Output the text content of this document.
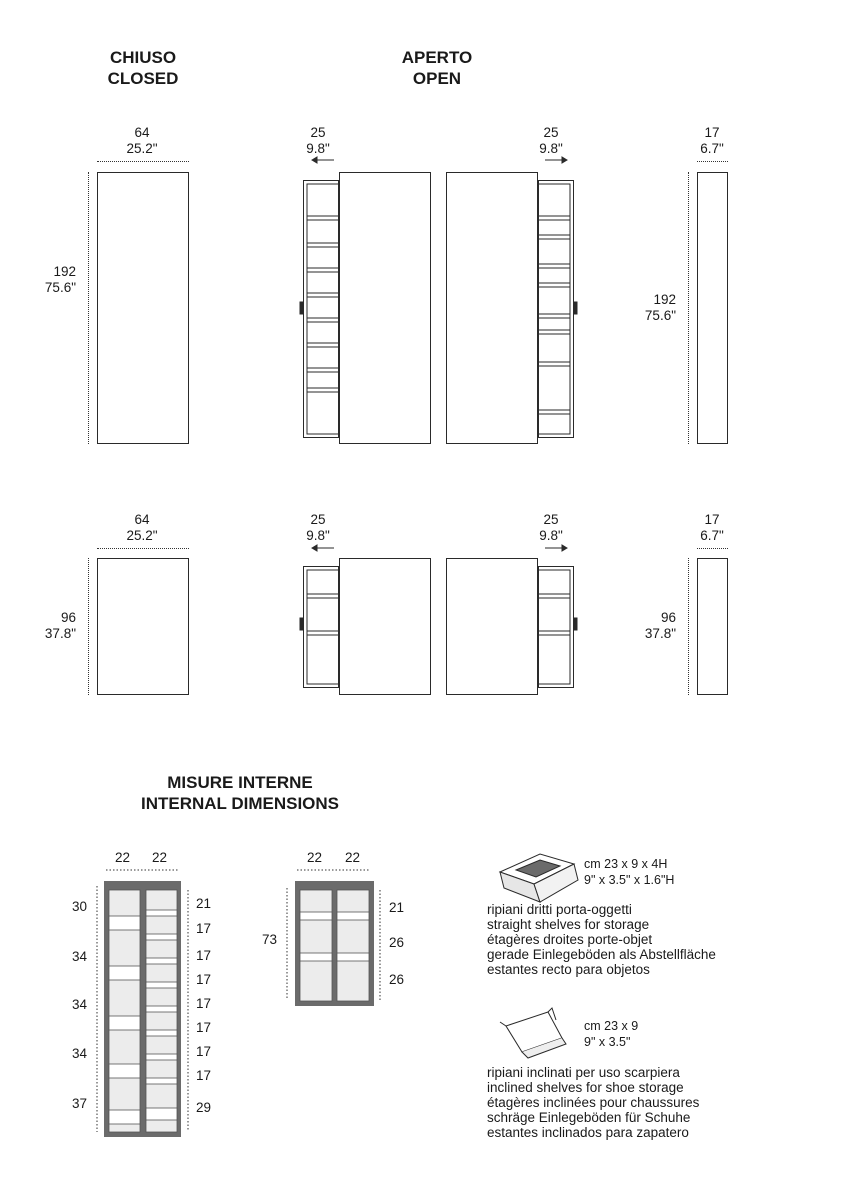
CHIUSO
CLOSED
APERTO
OPEN
64
25.2"
192
75.6"
25
9.8"
25
9.8"
17
6.7"
192
75.6"
64
25.2"
96
37.8"
25
9.8"
25
9.8"
17
6.7"
96
37.8"
MISURE INTERNE
INTERNAL DIMENSIONS
22 22
30
34
34
34
37
21
17
17
17
17
17
17
17
29
22 22
73
21
26
26
cm 23 x 9 x 4H
9" x 3.5" x 1.6"H
ripiani dritti porta-oggetti
straight shelves for storage
étagères droites porte-objet
gerade Einlegeböden als Abstellfläche
estantes recto para objetos
cm 23 x 9
9" x 3.5"
ripiani inclinati per uso scarpiera
inclined shelves for shoe storage
étagères inclinées pour chaussures
schräge Einlegeböden für Schuhe
estantes inclinados para zapatero
